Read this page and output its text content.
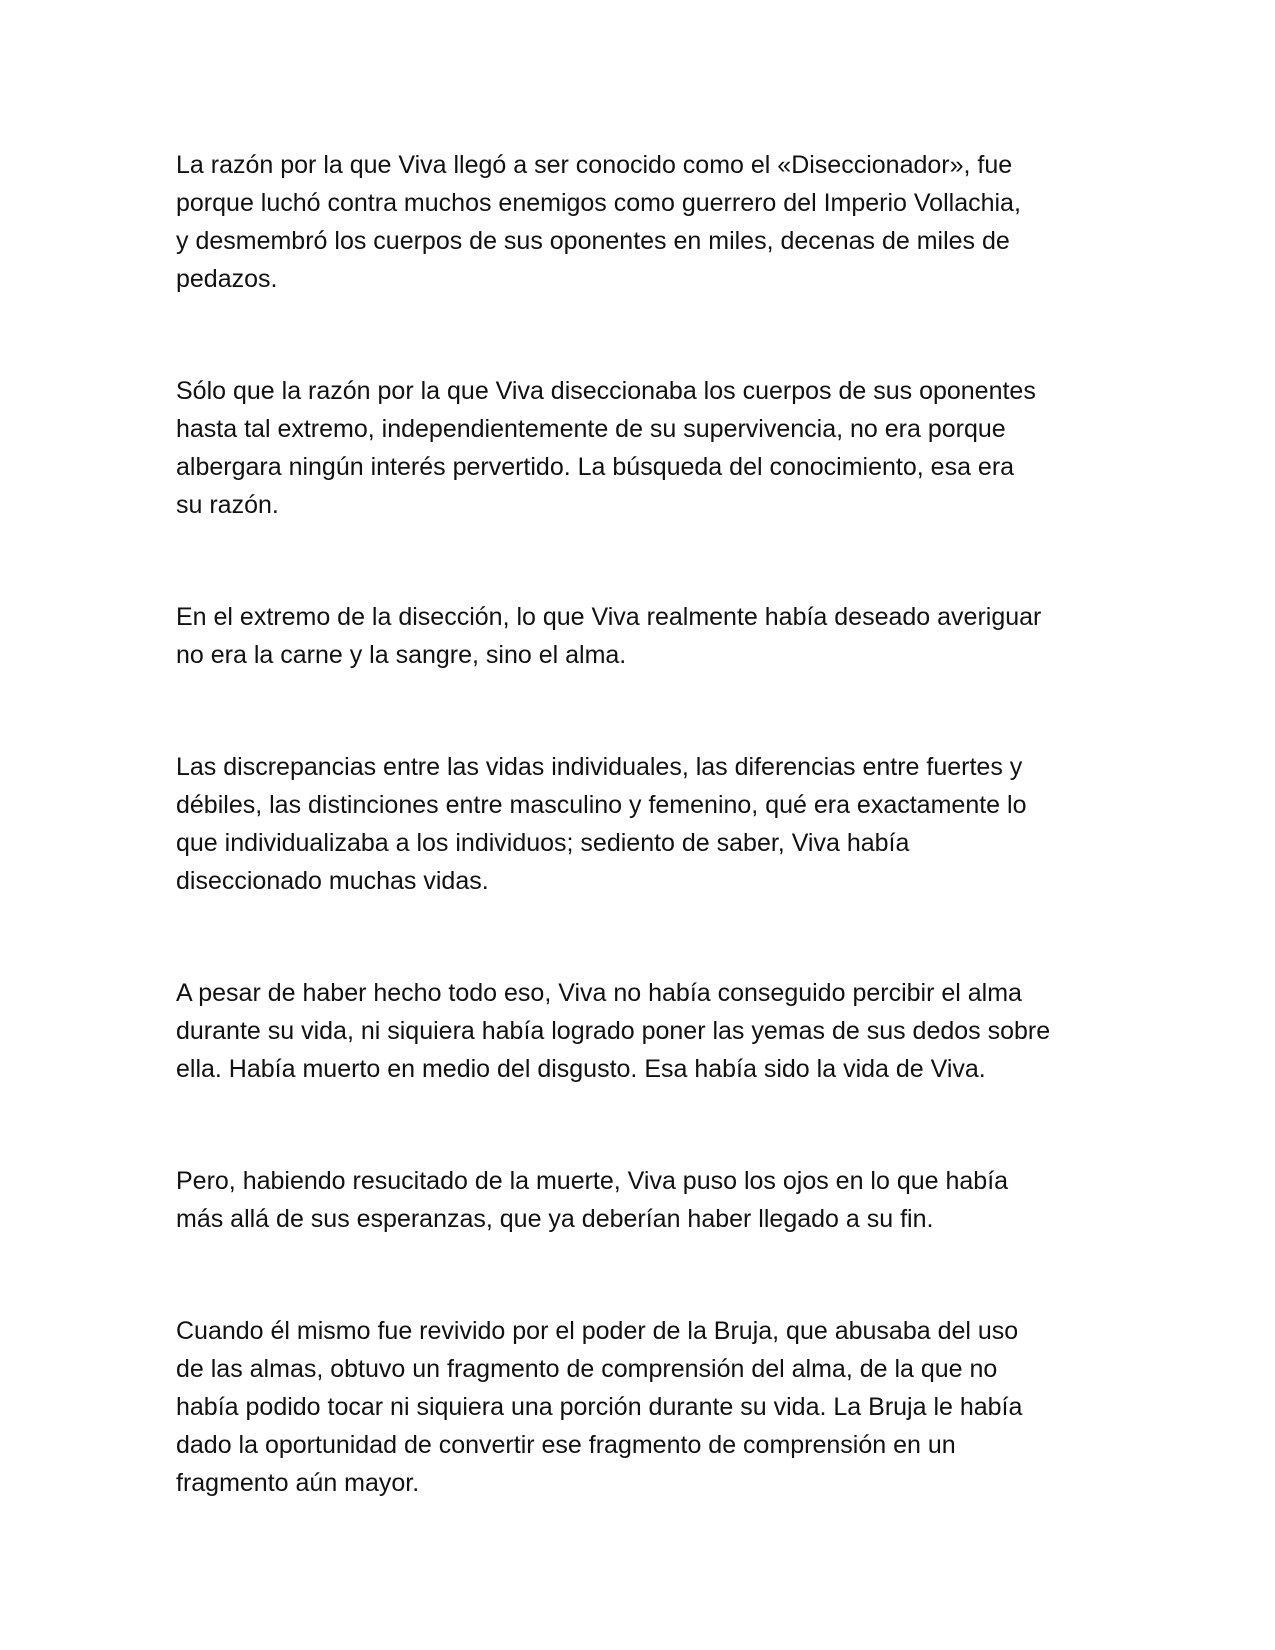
La razón por la que Viva llegó a ser conocido como el «Diseccionador», fue
porque luchó contra muchos enemigos como guerrero del Imperio Vollachia,
y desmembró los cuerpos de sus oponentes en miles, decenas de miles de
pedazos.

Sólo que la razón por la que Viva diseccionaba los cuerpos de sus oponentes
hasta tal extremo, independientemente de su supervivencia, no era porque
albergara ningún interés pervertido. La búsqueda del conocimiento, esa era
su razón.

En el extremo de la disección, lo que Viva realmente había deseado averiguar
no era la carne y la sangre, sino el alma.

Las discrepancias entre las vidas individuales, las diferencias entre fuertes y
débiles, las distinciones entre masculino y femenino, qué era exactamente lo
que individualizaba a los individuos; sediento de saber, Viva había
diseccionado muchas vidas.

A pesar de haber hecho todo eso, Viva no había conseguido percibir el alma
durante su vida, ni siquiera había logrado poner las yemas de sus dedos sobre
ella. Había muerto en medio del disgusto. Esa había sido la vida de Viva.

Pero, habiendo resucitado de la muerte, Viva puso los ojos en lo que había
más allá de sus esperanzas, que ya deberían haber llegado a su fin.

Cuando él mismo fue revivido por el poder de la Bruja, que abusaba del uso
de las almas, obtuvo un fragmento de comprensión del alma, de la que no
había podido tocar ni siquiera una porción durante su vida. La Bruja le había
dado la oportunidad de convertir ese fragmento de comprensión en un
fragmento aún mayor.
